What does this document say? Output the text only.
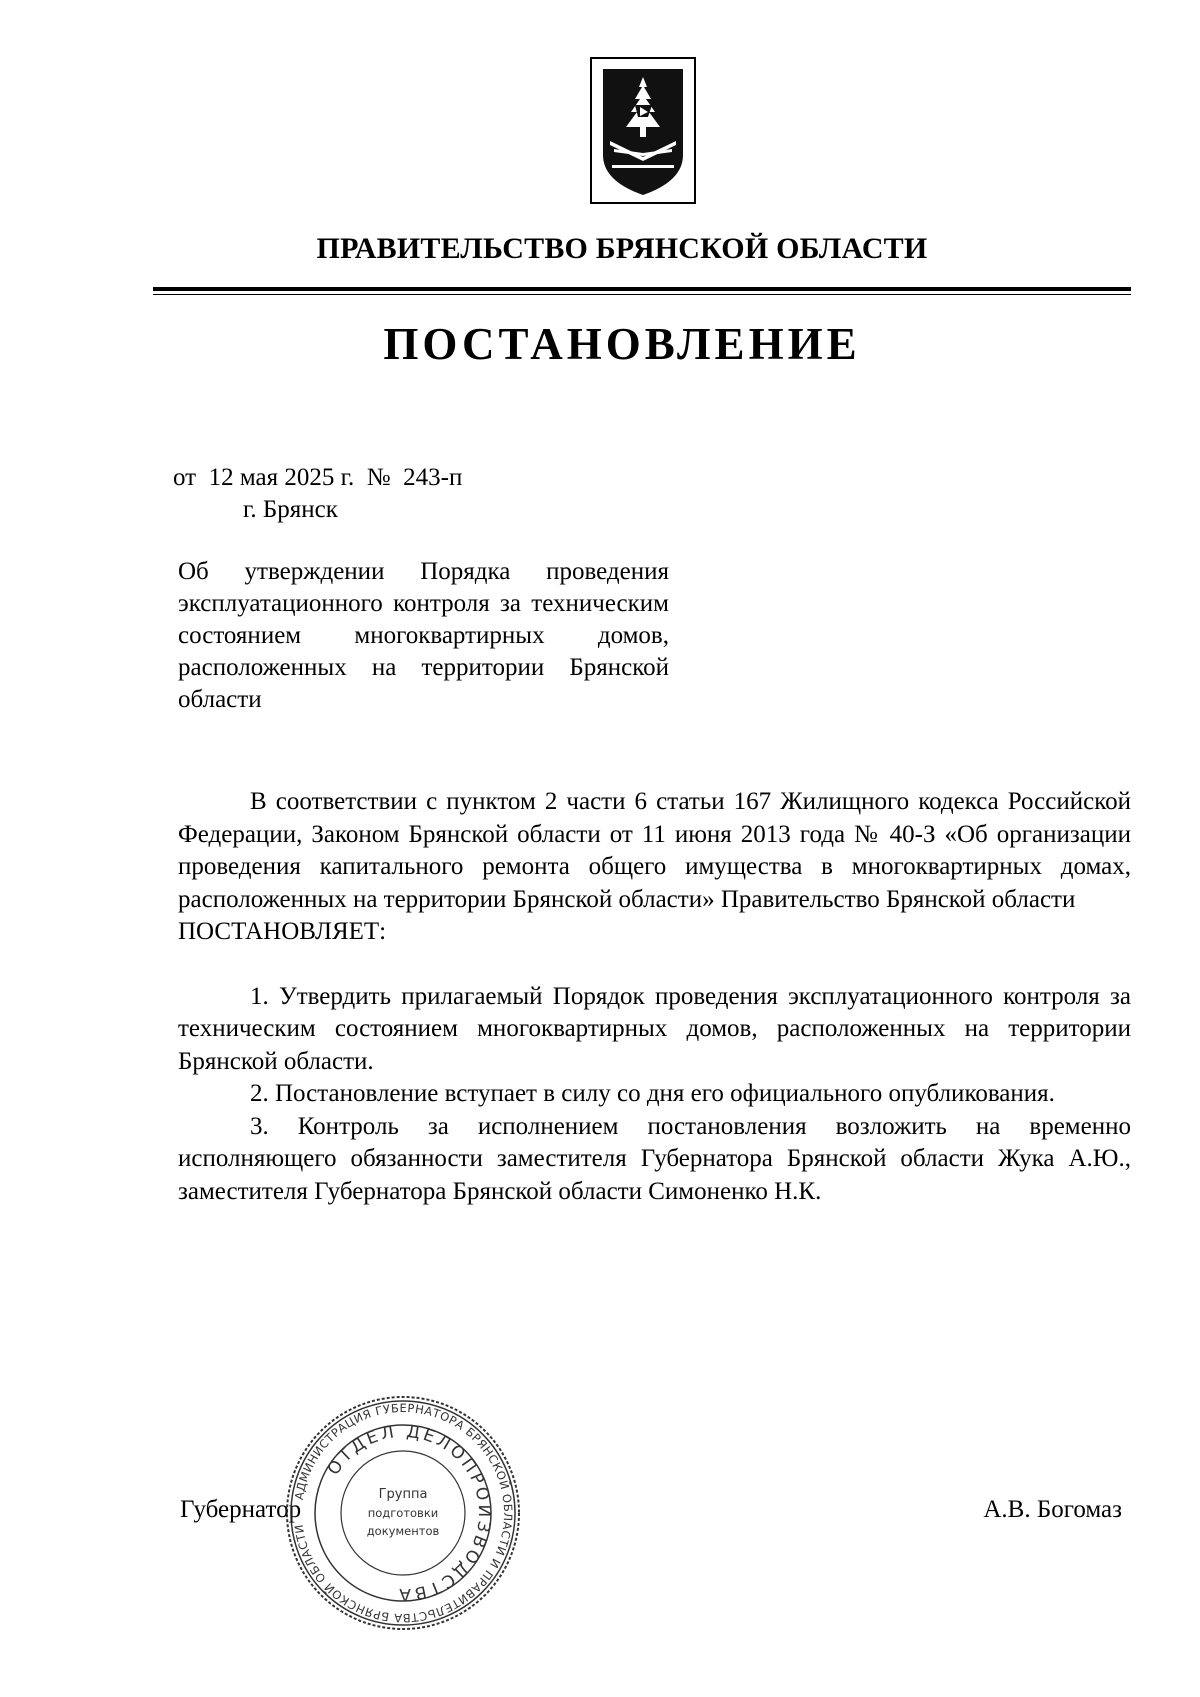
ПРАВИТЕЛЬСТВО БРЯНСКОЙ ОБЛАСТИ
ПОСТАНОВЛЕНИЕ
от  12 мая 2025 г.  №  243-п
г. Брянск
Об утверждении Порядка проведения эксплуатационного контроля за техническим состоянием многоквартирных домов, расположенных на территории Брянской области

В соответствии с пунктом 2 части 6 статьи 167 Жилищного кодекса Российской Федерации, Законом Брянской области от 11 июня 2013 года № 40-З «Об организации проведения капитального ремонта общего имущества в многоквартирных домах, расположенных на территории Брянской области» Правительство Брянской области

ПОСТАНОВЛЯЕТ:

1. Утвердить прилагаемый Порядок проведения эксплуатационного контроля за техническим состоянием многоквартирных домов, расположенных на территории Брянской области.

2. Постановление вступает в силу со дня его официального опубликования.

3. Контроль за исполнением постановления возложить на временно исполняющего обязанности заместителя Губернатора Брянской области Жука А.Ю., заместителя Губернатора Брянской области Симоненко Н.К.

Губернатор	А.В. Богомаз
АДМИНИСТРАЦИЯ ГУБЕРНАТОРА БРЯНСКОЙ ОБЛАСТИ И ПРАВИТЕЛЬСТВА БРЯНСКОЙ ОБЛАСТИ
ОТДЕЛ ДЕЛОПРОИЗВОДСТВА
Группа
подготовки
документов
